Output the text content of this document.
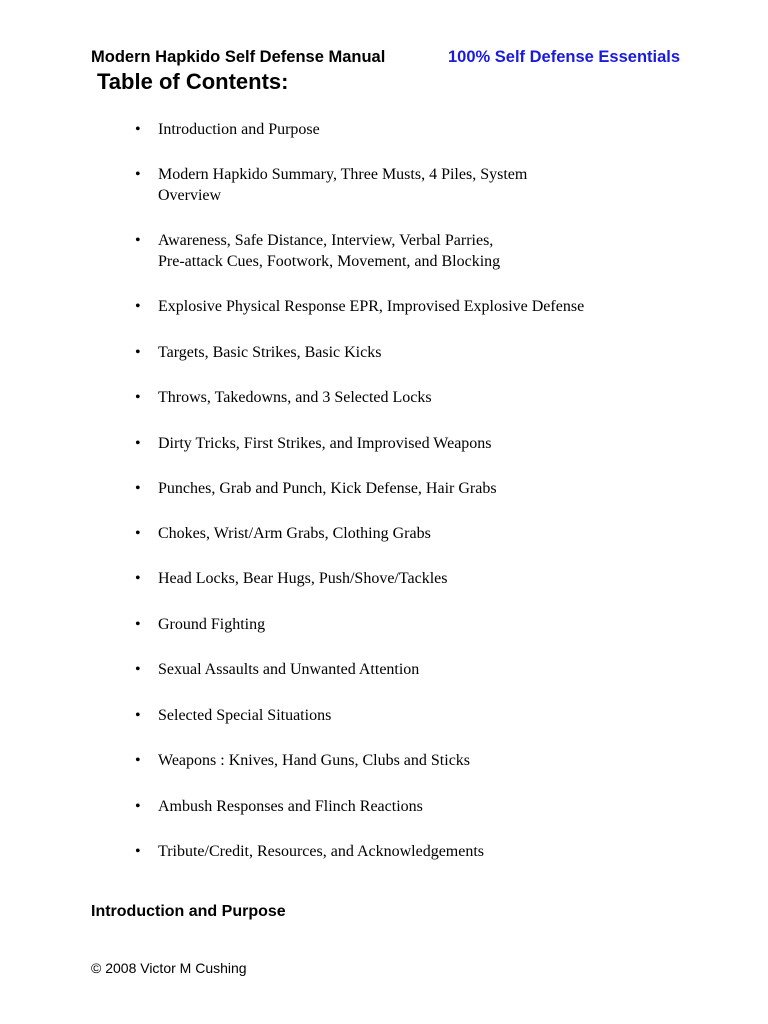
Modern Hapkido Self Defense Manual	100% Self Defense Essentials
Table of Contents:
• Introduction and Purpose
• Modern Hapkido Summary, Three Musts, 4 Piles, System
Overview
• Awareness, Safe Distance, Interview, Verbal Parries,
Pre-attack Cues, Footwork, Movement, and Blocking
• Explosive Physical Response EPR, Improvised Explosive Defense
• Targets, Basic Strikes, Basic Kicks
• Throws, Takedowns, and 3 Selected Locks
• Dirty Tricks, First Strikes, and Improvised Weapons
• Punches, Grab and Punch, Kick Defense, Hair Grabs
• Chokes, Wrist/Arm Grabs, Clothing Grabs
• Head Locks, Bear Hugs, Push/Shove/Tackles
• Ground Fighting
• Sexual Assaults and Unwanted Attention
• Selected Special Situations
• Weapons : Knives, Hand Guns, Clubs and Sticks
• Ambush Responses and Flinch Reactions
• Tribute/Credit, Resources, and Acknowledgements
Introduction and Purpose
© 2008 Victor M Cushing
